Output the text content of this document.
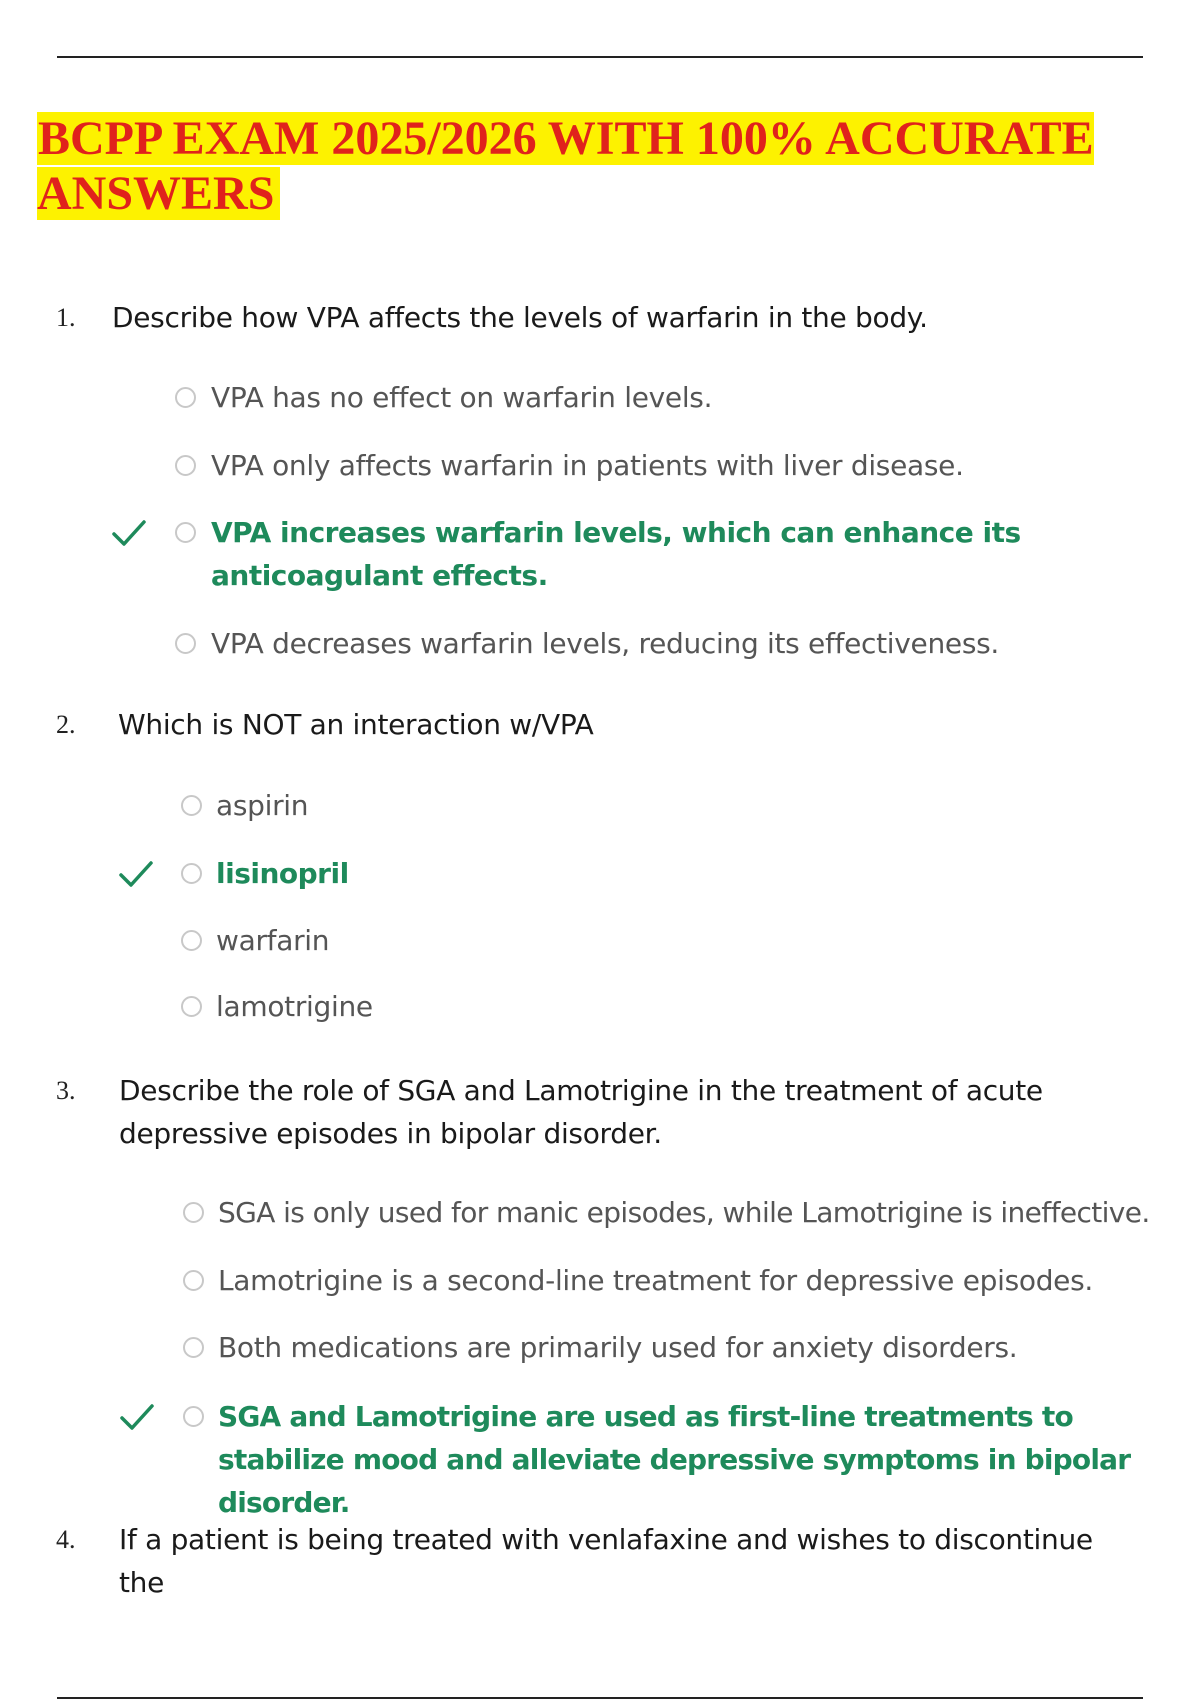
BCPP EXAM 2025/2026 WITH 100% ACCURATE ANSWERS
1. Describe how VPA affects the levels of warfarin in the body.
VPA has no effect on warfarin levels.
VPA only affects warfarin in patients with liver disease.
VPA increases warfarin levels, which can enhance its anticoagulant effects.
VPA decreases warfarin levels, reducing its effectiveness.
2. Which is NOT an interaction w/VPA
aspirin
lisinopril
warfarin
lamotrigine
3. Describe the role of SGA and Lamotrigine in the treatment of acute depressive episodes in bipolar disorder.
SGA is only used for manic episodes, while Lamotrigine is ineffective.
Lamotrigine is a second-line treatment for depressive episodes.
Both medications are primarily used for anxiety disorders.
SGA and Lamotrigine are used as first-line treatments to stabilize mood and alleviate depressive symptoms in bipolar disorder.
4. If a patient is being treated with venlafaxine and wishes to discontinue the
